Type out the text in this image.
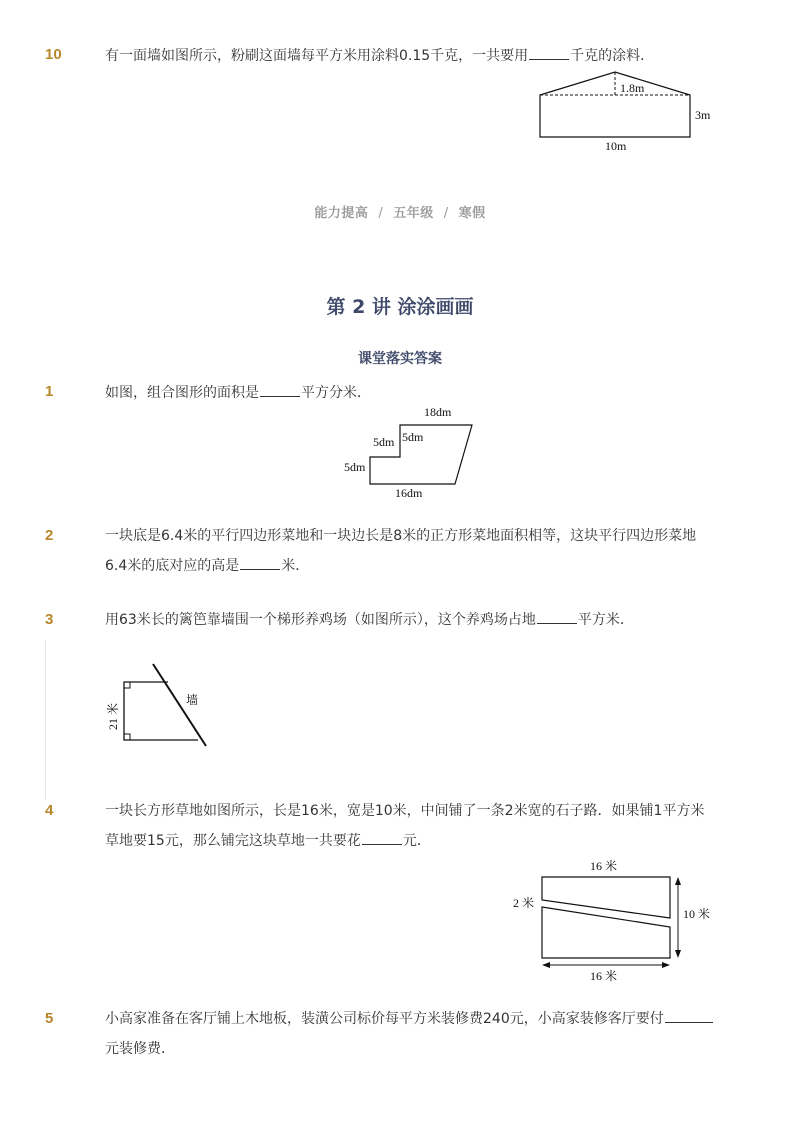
10	有一面墙如图所示，粉刷这面墙每平方米用涂料0.15千克，一共要用	千克的涂料．
1.8m
3m
10m
能力提高 / 五年级 / 寒假
第 2 讲 涂涂画画
课堂落实答案
1	如图，组合图形的面积是	平方分米．
18dm
5dm
5dm
5dm
16dm
2	一块底是6.4米的平行四边形菜地和一块边长是8米的正方形菜地面积相等，这块平行四边形菜地
6.4米的底对应的高是	米．
3	用63米长的篱笆靠墙围一个梯形养鸡场（如图所示），这个养鸡场占地	平方米．
墙
21 米
4	一块长方形草地如图所示，长是16米，宽是10米，中间铺了一条2米宽的石子路．如果铺1平方米
草地要15元，那么铺完这块草地一共要花	元．
16 米
2 米
10 米
16 米
5	小高家准备在客厅铺上木地板，装潢公司标价每平方米装修费240元，小高家装修客厅要付
元装修费．
